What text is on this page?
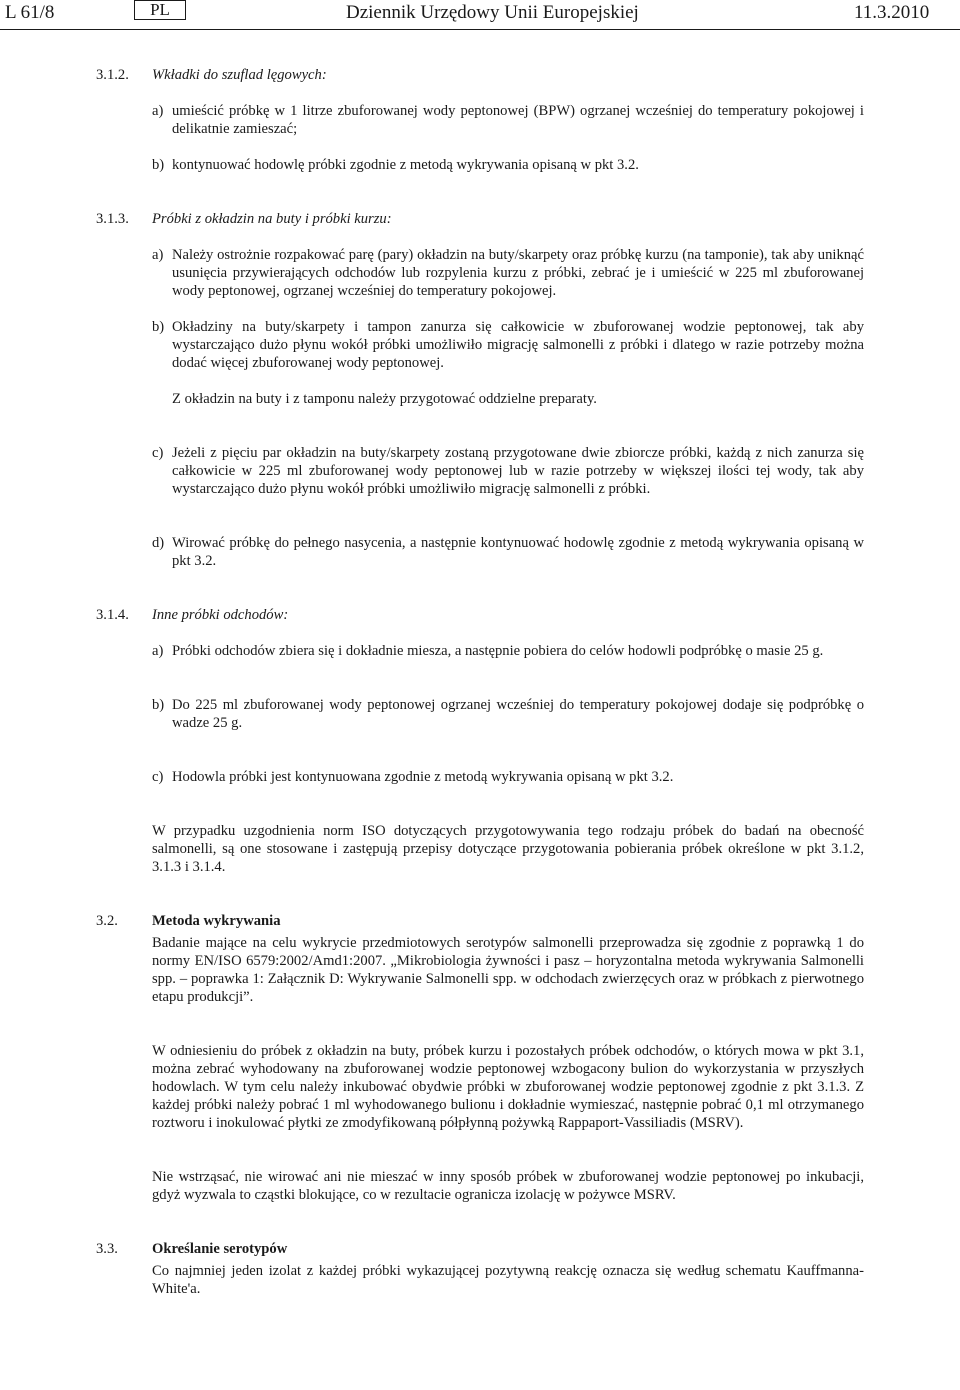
L 61/8	PL	Dziennik Urzędowy Unii Europejskiej	11.3.2010
3.1.2.	Wkładki do szuflad lęgowych:
a) umieścić próbkę w 1 litrze zbuforowanej wody peptonowej (BPW) ogrzanej wcześniej do temperatury pokojowej i delikatnie zamieszać;
b) kontynuować hodowlę próbki zgodnie z metodą wykrywania opisaną w pkt 3.2.
3.1.3.	Próbki z okładzin na buty i próbki kurzu:
a) Należy ostrożnie rozpakować parę (pary) okładzin na buty/skarpety oraz próbkę kurzu (na tamponie), tak aby uniknąć usunięcia przywierających odchodów lub rozpylenia kurzu z próbki, zebrać je i umieścić w 225 ml zbuforowanej wody peptonowej, ogrzanej wcześniej do temperatury pokojowej.
b) Okładziny na buty/skarpety i tampon zanurza się całkowicie w zbuforowanej wodzie peptonowej, tak aby wystarczająco dużo płynu wokół próbki umożliwiło migrację salmonelli z próbki i dlatego w razie potrzeby można dodać więcej zbuforowanej wody peptonowej.
Z okładzin na buty i z tamponu należy przygotować oddzielne preparaty.
c) Jeżeli z pięciu par okładzin na buty/skarpety zostaną przygotowane dwie zbiorcze próbki, każdą z nich zanurza się całkowicie w 225 ml zbuforowanej wody peptonowej lub w razie potrzeby w większej ilości tej wody, tak aby wystarczająco dużo płynu wokół próbki umożliwiło migrację salmonelli z próbki.
d) Wirować próbkę do pełnego nasycenia, a następnie kontynuować hodowlę zgodnie z metodą wykrywania opisaną w pkt 3.2.
3.1.4.	Inne próbki odchodów:
a) Próbki odchodów zbiera się i dokładnie miesza, a następnie pobiera do celów hodowli podpróbkę o masie 25 g.
b) Do 225 ml zbuforowanej wody peptonowej ogrzanej wcześniej do temperatury pokojowej dodaje się podpróbkę o wadze 25 g.
c) Hodowla próbki jest kontynuowana zgodnie z metodą wykrywania opisaną w pkt 3.2.
W przypadku uzgodnienia norm ISO dotyczących przygotowywania tego rodzaju próbek do badań na obecność salmonelli, są one stosowane i zastępują przepisy dotyczące przygotowania pobierania próbek określone w pkt 3.1.2, 3.1.3 i 3.1.4.
3.2.	Metoda wykrywania
Badanie mające na celu wykrycie przedmiotowych serotypów salmonelli przeprowadza się zgodnie z poprawką 1 do normy EN/ISO 6579:2002/Amd1:2007. „Mikrobiologia żywności i pasz – horyzontalna metoda wykrywania Salmonelli spp. – poprawka 1: Załącznik D: Wykrywanie Salmonelli spp. w odchodach zwierzęcych oraz w próbkach z pierwotnego etapu produkcji”.
W odniesieniu do próbek z okładzin na buty, próbek kurzu i pozostałych próbek odchodów, o których mowa w pkt 3.1, można zebrać wyhodowany na zbuforowanej wodzie peptonowej wzbogacony bulion do wykorzystania w przyszłych hodowlach. W tym celu należy inkubować obydwie próbki w zbuforowanej wodzie peptonowej zgodnie z pkt 3.1.3. Z każdej próbki należy pobrać 1 ml wyhodowanego bulionu i dokładnie wymieszać, następnie pobrać 0,1 ml otrzymanego roztworu i inokulować płytki ze zmodyfikowaną półpłynną pożywką Rappaport-Vassiliadis (MSRV).
Nie wstrząsać, nie wirować ani nie mieszać w inny sposób próbek w zbuforowanej wodzie peptonowej po inkubacji, gdyż wyzwala to cząstki blokujące, co w rezultacie ogranicza izolację w pożywce MSRV.
3.3.	Określanie serotypów
Co najmniej jeden izolat z każdej próbki wykazującej pozytywną reakcję oznacza się według schematu Kauffmanna-White'a.
